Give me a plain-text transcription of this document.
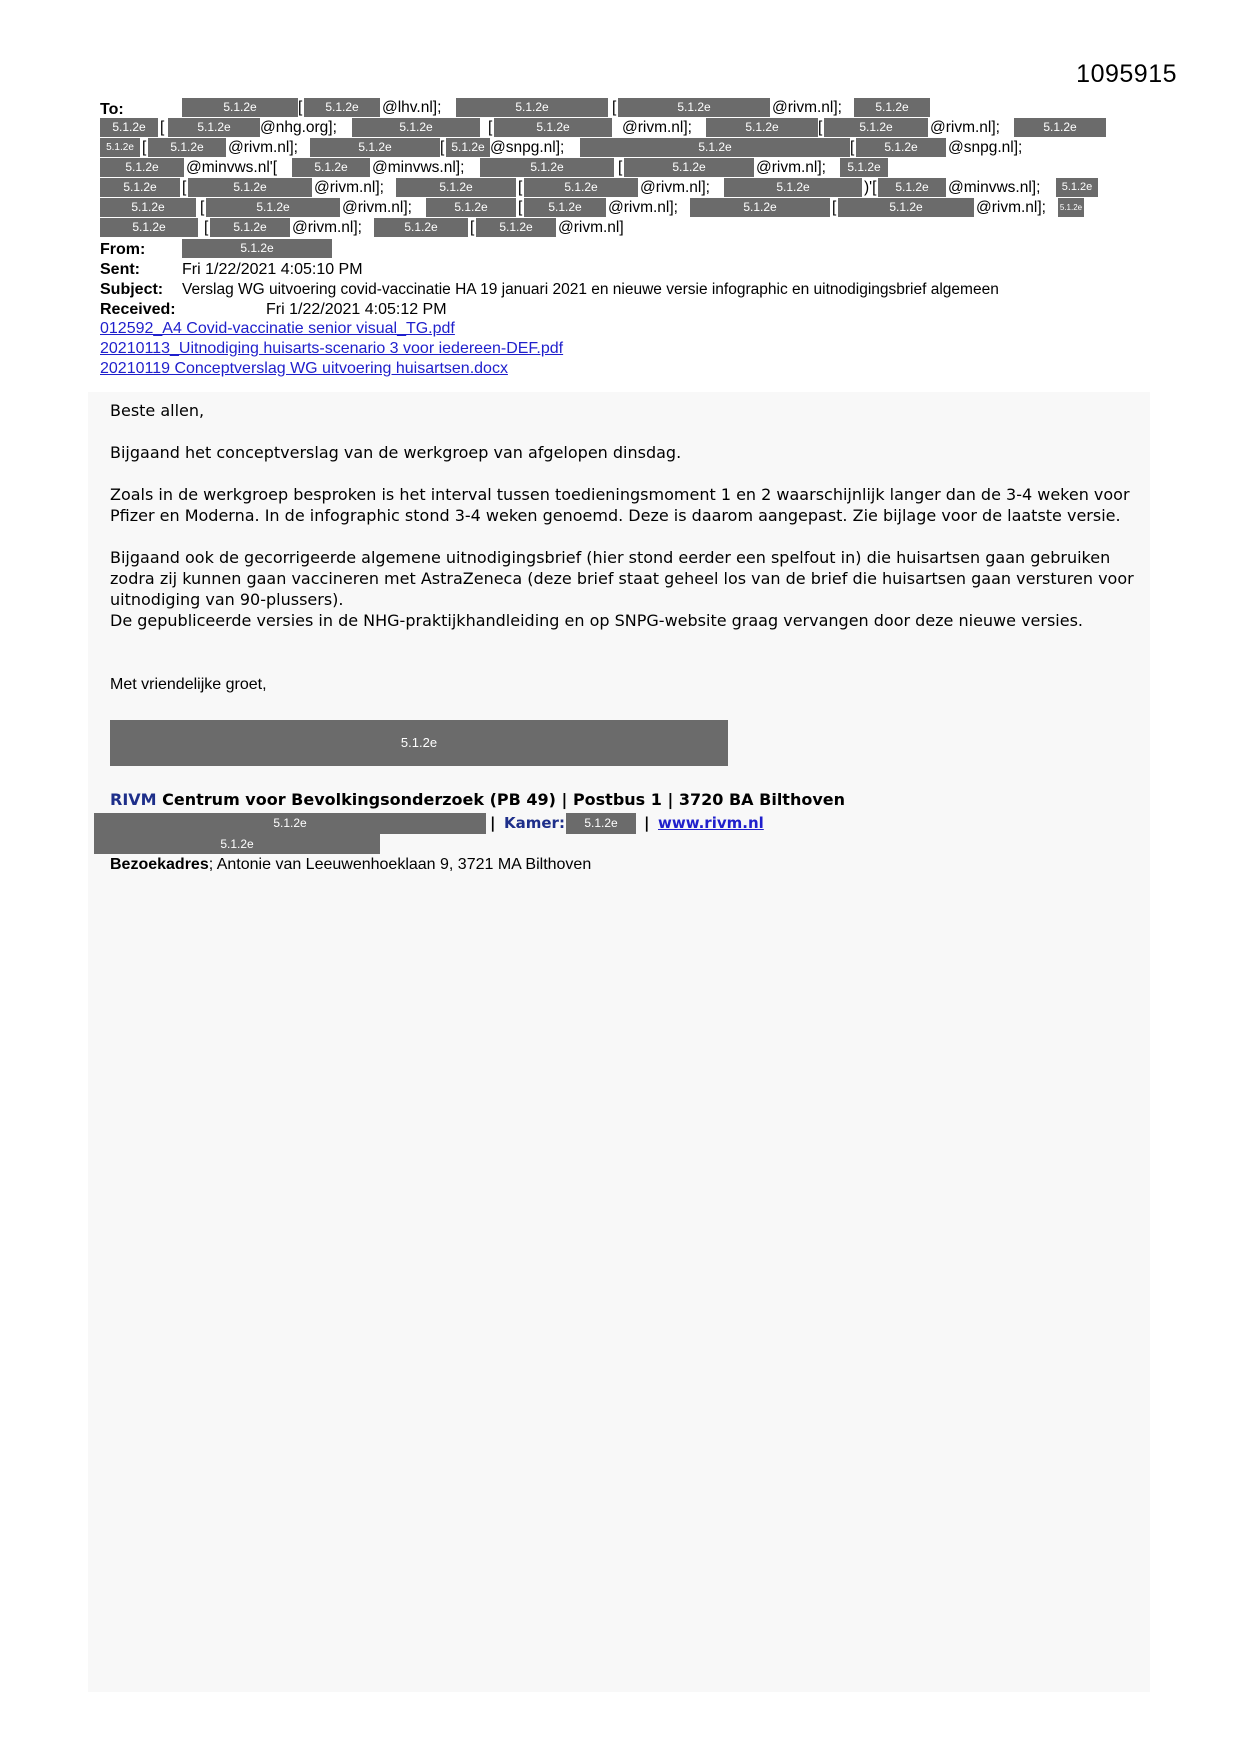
1095915
To:	5.1.2e	[	5.1.2e	@lhv.nl];	5.1.2e	[	5.1.2e	@rivm.nl];	5.1.2e
5.1.2e [	5.1.2e	@nhg.org];	5.1.2e	[	5.1.2e	@rivm.nl];	5.1.2e	[	5.1.2e	@rivm.nl];	5.1.2e
5.1.2e [	5.1.2e	@rivm.nl];	5.1.2e	[ 5.1.2e @snpg.nl];	5.1.2e	[	5.1.2e	@snpg.nl];
5.1.2e	@minvws.nl'[	5.1.2e	@minvws.nl];	5.1.2e	[	5.1.2e	@rivm.nl];	5.1.2e
5.1.2e	[	5.1.2e	@rivm.nl];	5.1.2e	[	5.1.2e	@rivm.nl];	5.1.2e	)'[	5.1.2e	@minvws.nl];	5.1.2e
5.1.2e	[	5.1.2e	@rivm.nl];	5.1.2e	[	5.1.2e	@rivm.nl];	5.1.2e	[	5.1.2e	@rivm.nl]; 5.1.2e
5.1.2e	[	5.1.2e	@rivm.nl];	5.1.2e	[	5.1.2e	@rivm.nl]
From:	5.1.2e
Sent:	Fri 1/22/2021 4:05:10 PM
Subject: Verslag WG uitvoering covid-vaccinatie HA 19 januari 2021 en nieuwe versie infographic en uitnodigingsbrief algemeen
Received:	Fri 1/22/2021 4:05:12 PM
012592_A4 Covid-vaccinatie senior visual_TG.pdf
20210113_Uitnodiging huisarts-scenario 3 voor iedereen-DEF.pdf
20210119 Conceptverslag WG uitvoering huisartsen.docx
Beste allen,
Bijgaand het conceptverslag van de werkgroep van afgelopen dinsdag.
Zoals in de werkgroep besproken is het interval tussen toedieningsmoment 1 en 2 waarschijnlijk langer dan de 3-4 weken voor Pfizer en Moderna. In de infographic stond 3-4 weken genoemd. Deze is daarom aangepast. Zie bijlage voor de laatste versie.
Bijgaand ook de gecorrigeerde algemene uitnodigingsbrief (hier stond eerder een spelfout in) die huisartsen gaan gebruiken zodra zij kunnen gaan vaccineren met AstraZeneca (deze brief staat geheel los van de brief die huisartsen gaan versturen voor uitnodiging van 90-plussers).
De gepubliceerde versies in de NHG-praktijkhandleiding en op SNPG-website graag vervangen door deze nieuwe versies.
Met vriendelijke groet,
5.1.2e
RIVM Centrum voor Bevolkingsonderzoek (PB 49) | Postbus 1 | 3720 BA Bilthoven
5.1.2e	| Kamer:	5.1.2e	| www.rivm.nl
5.1.2e
Bezoekadres; Antonie van Leeuwenhoeklaan 9, 3721 MA Bilthoven
